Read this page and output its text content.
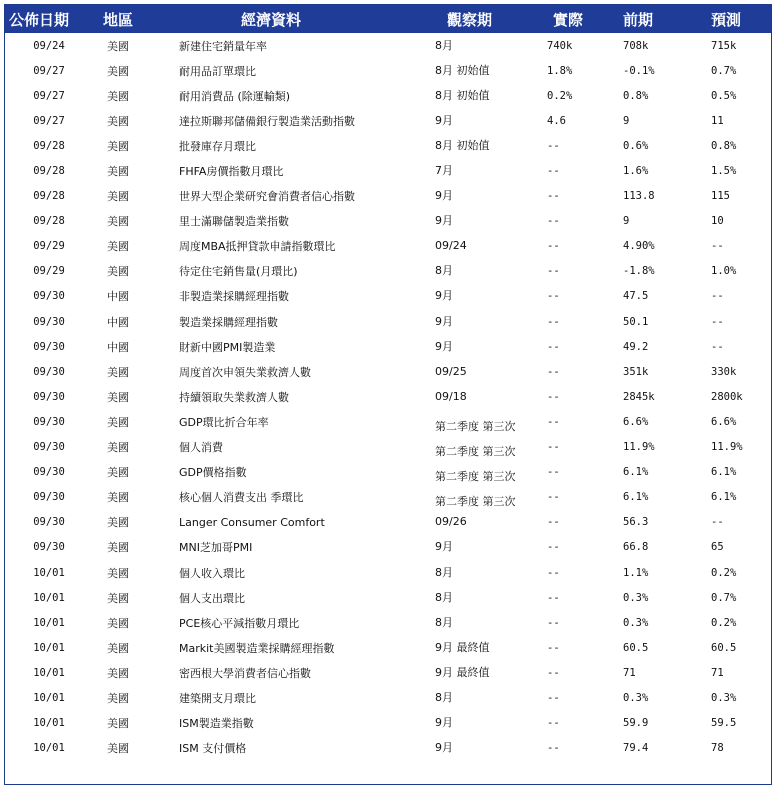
公佈日期	地區	經濟資料	觀察期	實際	前期	預測
09/24	美國	新建住宅銷量年率	8月	740k	708k	715k
09/27	美國	耐用品訂單環比	8月 初始值	1.8%	-0.1%	0.7%
09/27	美國	耐用消費品 (除運輸類)	8月 初始值	0.2%	0.8%	0.5%
09/27	美國	達拉斯聯邦儲備銀行製造業活動指數	9月	4.6	9	11
09/28	美國	批發庫存月環比	8月 初始值	--	0.6%	0.8%
09/28	美國	FHFA房價指數月環比	7月	--	1.6%	1.5%
09/28	美國	世界大型企業研究會消費者信心指數	9月	--	113.8	115
09/28	美國	里士滿聯儲製造業指數	9月	--	9	10
09/29	美國	周度MBA抵押貸款申請指數環比	09/24	--	4.90%	--
09/29	美國	待定住宅銷售量(月環比)	8月	--	-1.8%	1.0%
09/30	中國	非製造業採購經理指數	9月	--	47.5	--
09/30	中國	製造業採購經理指數	9月	--	50.1	--
09/30	中國	財新中國PMI製造業	9月	--	49.2	--
09/30	美國	周度首次申領失業救濟人數	09/25	--	351k	330k
09/30	美國	持續領取失業救濟人數	09/18	--	2845k	2800k
09/30	美國	GDP環比折合年率	第二季度 第三次	--	6.6%	6.6%
09/30	美國	個人消費	第二季度 第三次	--	11.9%	11.9%
09/30	美國	GDP價格指數	第二季度 第三次	--	6.1%	6.1%
09/30	美國	核心個人消費支出 季環比	第二季度 第三次	--	6.1%	6.1%
09/30	美國	Langer Consumer Comfort	09/26	--	56.3	--
09/30	美國	MNI芝加哥PMI	9月	--	66.8	65
10/01	美國	個人收入環比	8月	--	1.1%	0.2%
10/01	美國	個人支出環比	8月	--	0.3%	0.7%
10/01	美國	PCE核心平減指數月環比	8月	--	0.3%	0.2%
10/01	美國	Markit美國製造業採購經理指數	9月 最終值	--	60.5	60.5
10/01	美國	密西根大學消費者信心指數	9月 最終值	--	71	71
10/01	美國	建築開支月環比	8月	--	0.3%	0.3%
10/01	美國	ISM製造業指數	9月	--	59.9	59.5
10/01	美國	ISM 支付價格	9月	--	79.4	78
